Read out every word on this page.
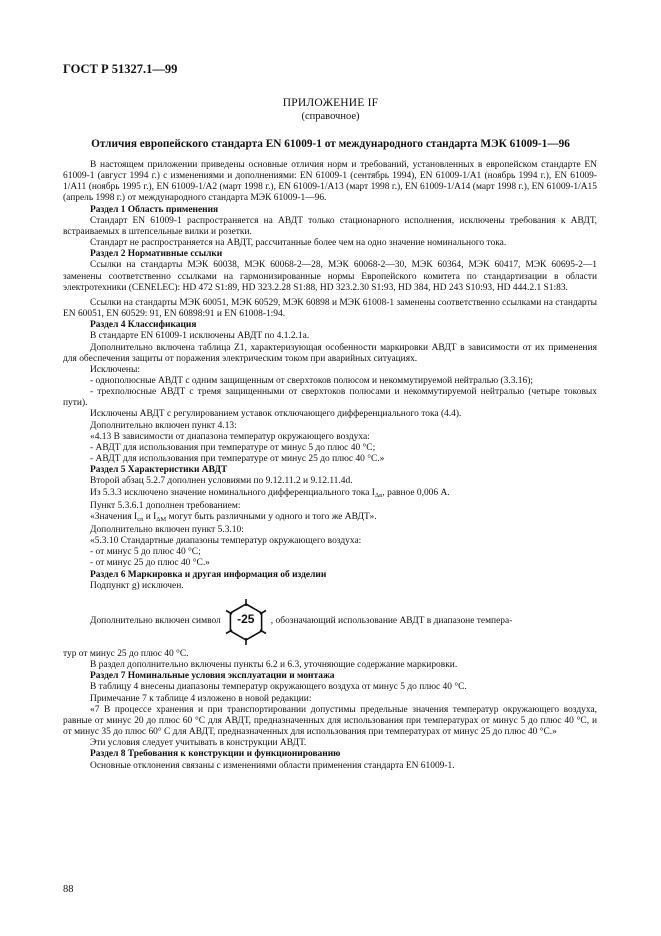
ГОСТ Р 51327.1—99
ПРИЛОЖЕНИЕ IF
(справочное)
Отличия европейского стандарта EN 61009-1 от международного стандарта МЭК 61009-1—96

В настоящем приложении приведены основные отличия норм и требований, установленных в европейском стандарте EN 61009-1 (август 1994 г.) с изменениями и дополнениями: EN 61009-1 (сентябрь 1994), EN 61009-1/A1 (ноябрь 1994 г.), EN 61009-1/A11 (ноябрь 1995 г.), EN 61009-1/A2 (март 1998 г.), EN 61009-1/A13 (март 1998 г.), EN 61009-1/A14 (март 1998 г.), EN 61009-1/A15 (апрель 1998 г.) от международного стандарта МЭК 61009-1—96.

Раздел 1 Область применения

Стандарт EN 61009-1 распространяется на АВДТ только стационарного исполнения, исключены требования к АВДТ, встраиваемых в штепсельные вилки и розетки.

Стандарт не распространяется на АВДТ, рассчитанные более чем на одно значение номинального тока.

Раздел 2 Нормативные ссылки

Ссылки на стандарты МЭК 60038, МЭК 60068-2—28, МЭК 60068-2—30, МЭК 60364, МЭК 60417, МЭК 60695-2—1 заменены соответственно ссылками на гармонизированные нормы Европейского комитета по стандартизации в области электротехники (CENELEC): HD 472 S1:89, HD 323.2.28 S1:88, HD 323.2.30 S1:93, HD 384, HD 243 S10:93, HD 444.2.1 S1:83.

Ссылки на стандарты МЭК 60051, МЭК 60529, МЭК 60898 и МЭК 61008-1 заменены соответственно ссылками на стандарты EN 60051, EN 60529: 91, EN 60898:91 и EN 61008-1:94.

Раздел 4 Классификация

В стандарте EN 61009-1 исключены АВДТ по 4.1.2.1а.

Дополнительно включена таблица Z1, характеризующая особенности маркировки АВДТ в зависимости от их применения для обеспечения защиты от поражения электрическим током при аварийных ситуациях.

Исключены:

- однополюсные АВДТ с одним защищенным от сверхтоков полюсом и некоммутируемой нейтралью (3.3.16);

- трехполюсные АВДТ с тремя защищенными от сверхтоков полюсами и некоммутируемой нейтралью (четыре токовых пути).

Исключены АВДТ с регулированием уставок отключающего дифференциального тока (4.4).

Дополнительно включен пункт 4.13:

«4.13 В зависимости от диапазона температур окружающего воздуха:

- АВДТ для использования при температуре от минус 5 до плюс 40 °С;

- АВДТ для использования при температуре от минус 25 до плюс 40 °С.»

Раздел 5 Характеристики АВДТ

Второй абзац 5.2.7 дополнен условиями по 9.12.11.2 и 9.12.11.4d.

Из 5.3.3 исключено значение номинального дифференциального тока $I_{\Delta n}$, равное 0,006 А.

Пункт 5.3.6.1 дополнен требованием:

«Значения $I_{cn}$ и $I_{\Delta M}$ могут быть различными у одного и того же АВДТ».

Дополнительно включен пункт 5.3.10:

«5.3.10 Стандартные диапазоны температур окружающего воздуха:

- от минус 5 до плюс 40 °С;

- от минус 25 до плюс 40 °С.»

Раздел 6 Маркировка и другая информация об изделии

Подпункт g) исключен.

Дополнительно включен символ	-25	, обозначающий использование АВДТ в диапазоне темпера-

тур от минус 25 до плюс 40 °С.

В раздел дополнительно включены пункты 6.2 и 6.3, уточняющие содержание маркировки.

Раздел 7 Номинальные условия эксплуатации и монтажа

В таблицу 4 внесены диапазоны температур окружающего воздуха от минус 5 до плюс 40 °С.

Примечание 7 к таблице 4 изложено в новой редакции:

«7 В процессе хранения и при транспортировании допустимы предельные значения температур окружающего воздуха, равные от минус 20 до плюс 60 °С для АВДТ, предназначенных для использования при температурах от минус 5 до плюс 40 °С, и от минус 35 до плюс 60° С для АВДТ, предназначенных для использования при температурах от минус 25 до плюс 40 °С.»

Эти условия следует учитывать в конструкции АВДТ.

Раздел 8 Требования к конструкции и функционированию

Основные отклонения связаны с изменениями области применения стандарта EN 61009-1.

88
